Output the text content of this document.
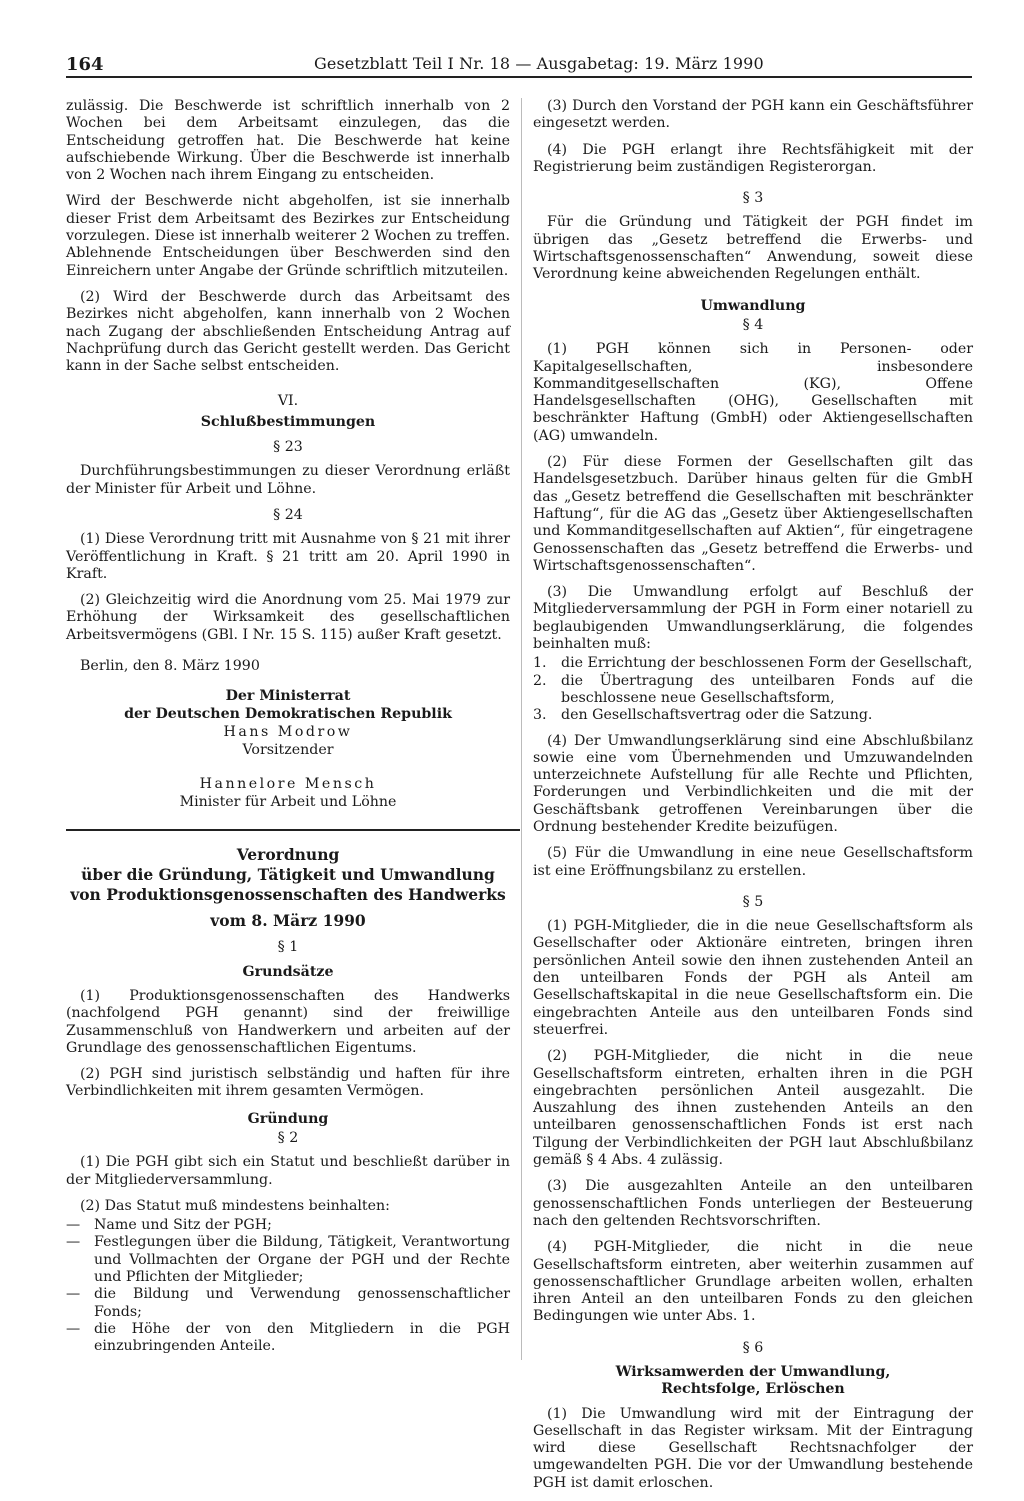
164	Gesetzblatt Teil I Nr. 18 — Ausgabetag: 19. März 1990

zulässig. Die Beschwerde ist schriftlich innerhalb von 2 Wochen bei dem Arbeitsamt einzulegen, das die Entscheidung getroffen hat. Die Beschwerde hat keine aufschiebende Wirkung. Über die Beschwerde ist innerhalb von 2 Wochen nach ihrem Eingang zu entscheiden.

Wird der Beschwerde nicht abgeholfen, ist sie innerhalb dieser Frist dem Arbeitsamt des Bezirkes zur Entscheidung vorzulegen. Diese ist innerhalb weiterer 2 Wochen zu treffen. Ablehnende Entscheidungen über Beschwerden sind den Einreichern unter Angabe der Gründe schriftlich mitzuteilen.

(2) Wird der Beschwerde durch das Arbeitsamt des Bezirkes nicht abgeholfen, kann innerhalb von 2 Wochen nach Zugang der abschließenden Entscheidung Antrag auf Nachprüfung durch das Gericht gestellt werden. Das Gericht kann in der Sache selbst entscheiden.

VI.
Schlußbestimmungen
§ 23

Durchführungsbestimmungen zu dieser Verordnung erläßt der Minister für Arbeit und Löhne.

§ 24

(1) Diese Verordnung tritt mit Ausnahme von § 21 mit ihrer Veröffentlichung in Kraft. § 21 tritt am 20. April 1990 in Kraft.

(2) Gleichzeitig wird die Anordnung vom 25. Mai 1979 zur Erhöhung der Wirksamkeit des gesellschaftlichen Arbeitsvermögens (GBl. I Nr. 15 S. 115) außer Kraft gesetzt.

Berlin, den 8. März 1990

Der Ministerrat
der Deutschen Demokratischen Republik
Hans Modrow
Vorsitzender
Hannelore Mensch
Minister für Arbeit und Löhne
Verordnung
über die Gründung, Tätigkeit und Umwandlung
von Produktionsgenossenschaften des Handwerks
vom 8. März 1990
§ 1
Grundsätze

(1) Produktionsgenossenschaften des Handwerks (nachfolgend PGH genannt) sind der freiwillige Zusammenschluß von Handwerkern und arbeiten auf der Grundlage des genossenschaftlichen Eigentums.

(2) PGH sind juristisch selbständig und haften für ihre Verbindlichkeiten mit ihrem gesamten Vermögen.

Gründung
§ 2

(1) Die PGH gibt sich ein Statut und beschließt darüber in der Mitgliederversammlung.

(2) Das Statut muß mindestens beinhalten:

— Name und Sitz der PGH;
— Festlegungen über die Bildung, Tätigkeit, Verantwortung und Vollmachten der Organe der PGH und der Rechte und Pflichten der Mitglieder;
— die Bildung und Verwendung genossenschaftlicher Fonds;
— die Höhe der von den Mitgliedern in die PGH einzubringenden Anteile.

(3) Durch den Vorstand der PGH kann ein Geschäftsführer eingesetzt werden.

(4) Die PGH erlangt ihre Rechtsfähigkeit mit der Registrierung beim zuständigen Registerorgan.

§ 3

Für die Gründung und Tätigkeit der PGH findet im übrigen das „Gesetz betreffend die Erwerbs- und Wirtschaftsgenossenschaften“ Anwendung, soweit diese Verordnung keine abweichenden Regelungen enthält.

Umwandlung
§ 4

(1) PGH können sich in Personen- oder Kapitalgesellschaften, insbesondere Kommanditgesellschaften (KG), Offene Handelsgesellschaften (OHG), Gesellschaften mit beschränkter Haftung (GmbH) oder Aktiengesellschaften (AG) umwandeln.

(2) Für diese Formen der Gesellschaften gilt das Handelsgesetzbuch. Darüber hinaus gelten für die GmbH das „Gesetz betreffend die Gesellschaften mit beschränkter Haftung“, für die AG das „Gesetz über Aktiengesellschaften und Kommanditgesellschaften auf Aktien“, für eingetragene Genossenschaften das „Gesetz betreffend die Erwerbs- und Wirtschaftsgenossenschaften“.

(3) Die Umwandlung erfolgt auf Beschluß der Mitgliederversammlung der PGH in Form einer notariell zu beglaubigenden Umwandlungserklärung, die folgendes beinhalten muß:

1. die Errichtung der beschlossenen Form der Gesellschaft,
2. die Übertragung des unteilbaren Fonds auf die beschlossene neue Gesellschaftsform,
3. den Gesellschaftsvertrag oder die Satzung.

(4) Der Umwandlungserklärung sind eine Abschlußbilanz sowie eine vom Übernehmenden und Umzuwandelnden unterzeichnete Aufstellung für alle Rechte und Pflichten, Forderungen und Verbindlichkeiten und die mit der Geschäftsbank getroffenen Vereinbarungen über die Ordnung bestehender Kredite beizufügen.

(5) Für die Umwandlung in eine neue Gesellschaftsform ist eine Eröffnungsbilanz zu erstellen.

§ 5

(1) PGH-Mitglieder, die in die neue Gesellschaftsform als Gesellschafter oder Aktionäre eintreten, bringen ihren persönlichen Anteil sowie den ihnen zustehenden Anteil an den unteilbaren Fonds der PGH als Anteil am Gesellschaftskapital in die neue Gesellschaftsform ein. Die eingebrachten Anteile aus den unteilbaren Fonds sind steuerfrei.

(2) PGH-Mitglieder, die nicht in die neue Gesellschaftsform eintreten, erhalten ihren in die PGH eingebrachten persönlichen Anteil ausgezahlt. Die Auszahlung des ihnen zustehenden Anteils an den unteilbaren genossenschaftlichen Fonds ist erst nach Tilgung der Verbindlichkeiten der PGH laut Abschlußbilanz gemäß § 4 Abs. 4 zulässig.

(3) Die ausgezahlten Anteile an den unteilbaren genossenschaftlichen Fonds unterliegen der Besteuerung nach den geltenden Rechtsvorschriften.

(4) PGH-Mitglieder, die nicht in die neue Gesellschaftsform eintreten, aber weiterhin zusammen auf genossenschaftlicher Grundlage arbeiten wollen, erhalten ihren Anteil an den unteilbaren Fonds zu den gleichen Bedingungen wie unter Abs. 1.

§ 6
Wirksamwerden der Umwandlung,
Rechtsfolge, Erlöschen

(1) Die Umwandlung wird mit der Eintragung der Gesellschaft in das Register wirksam. Mit der Eintragung wird diese Gesellschaft Rechtsnachfolger der umgewandelten PGH. Die vor der Umwandlung bestehende PGH ist damit erloschen.
